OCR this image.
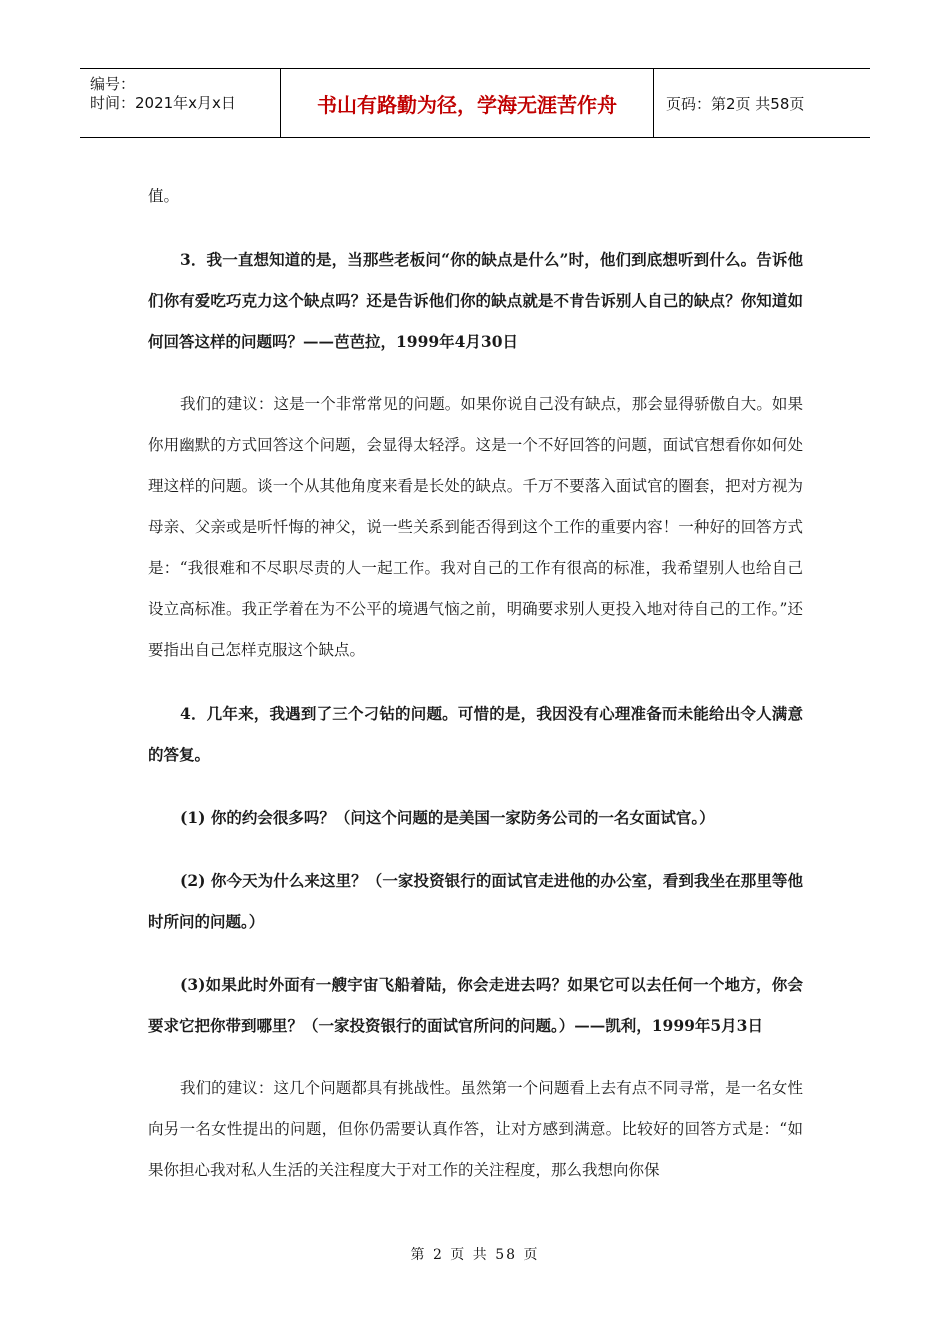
编号：
时间：2021年x月x日	书山有路勤为径，学海无涯苦作舟	页码：第2页 共58页

值。

3．我一直想知道的是，当那些老板问“你的缺点是什么”时，他们到底想听到什么。告诉他们你有爱吃巧克力这个缺点吗？还是告诉他们你的缺点就是不肯告诉别人自己的缺点？你知道如何回答这样的问题吗？——芭芭拉，1999年4月30日

我们的建议：这是一个非常常见的问题。如果你说自己没有缺点，那会显得骄傲自大。如果你用幽默的方式回答这个问题，会显得太轻浮。这是一个不好回答的问题，面试官想看你如何处理这样的问题。谈一个从其他角度来看是长处的缺点。千万不要落入面试官的圈套，把对方视为母亲、父亲或是听忏悔的神父，说一些关系到能否得到这个工作的重要内容！一种好的回答方式是：“我很难和不尽职尽责的人一起工作。我对自己的工作有很高的标准，我希望别人也给自己设立高标准。我正学着在为不公平的境遇气恼之前，明确要求别人更投入地对待自己的工作。”还要指出自己怎样克服这个缺点。

4．几年来，我遇到了三个刁钻的问题。可惜的是，我因没有心理准备而未能给出令人满意的答复。

(1) 你的约会很多吗？（问这个问题的是美国一家防务公司的一名女面试官。）

(2) 你今天为什么来这里？（一家投资银行的面试官走进他的办公室，看到我坐在那里等他时所问的问题。）

(3)如果此时外面有一艘宇宙飞船着陆，你会走进去吗？如果它可以去任何一个地方，你会要求它把你带到哪里？（一家投资银行的面试官所问的问题。）——凯利，1999年5月3日

我们的建议：这几个问题都具有挑战性。虽然第一个问题看上去有点不同寻常，是一名女性向另一名女性提出的问题，但你仍需要认真作答，让对方感到满意。比较好的回答方式是：“如果你担心我对私人生活的关注程度大于对工作的关注程度，那么我想向你保

第 2 页 共 58 页
